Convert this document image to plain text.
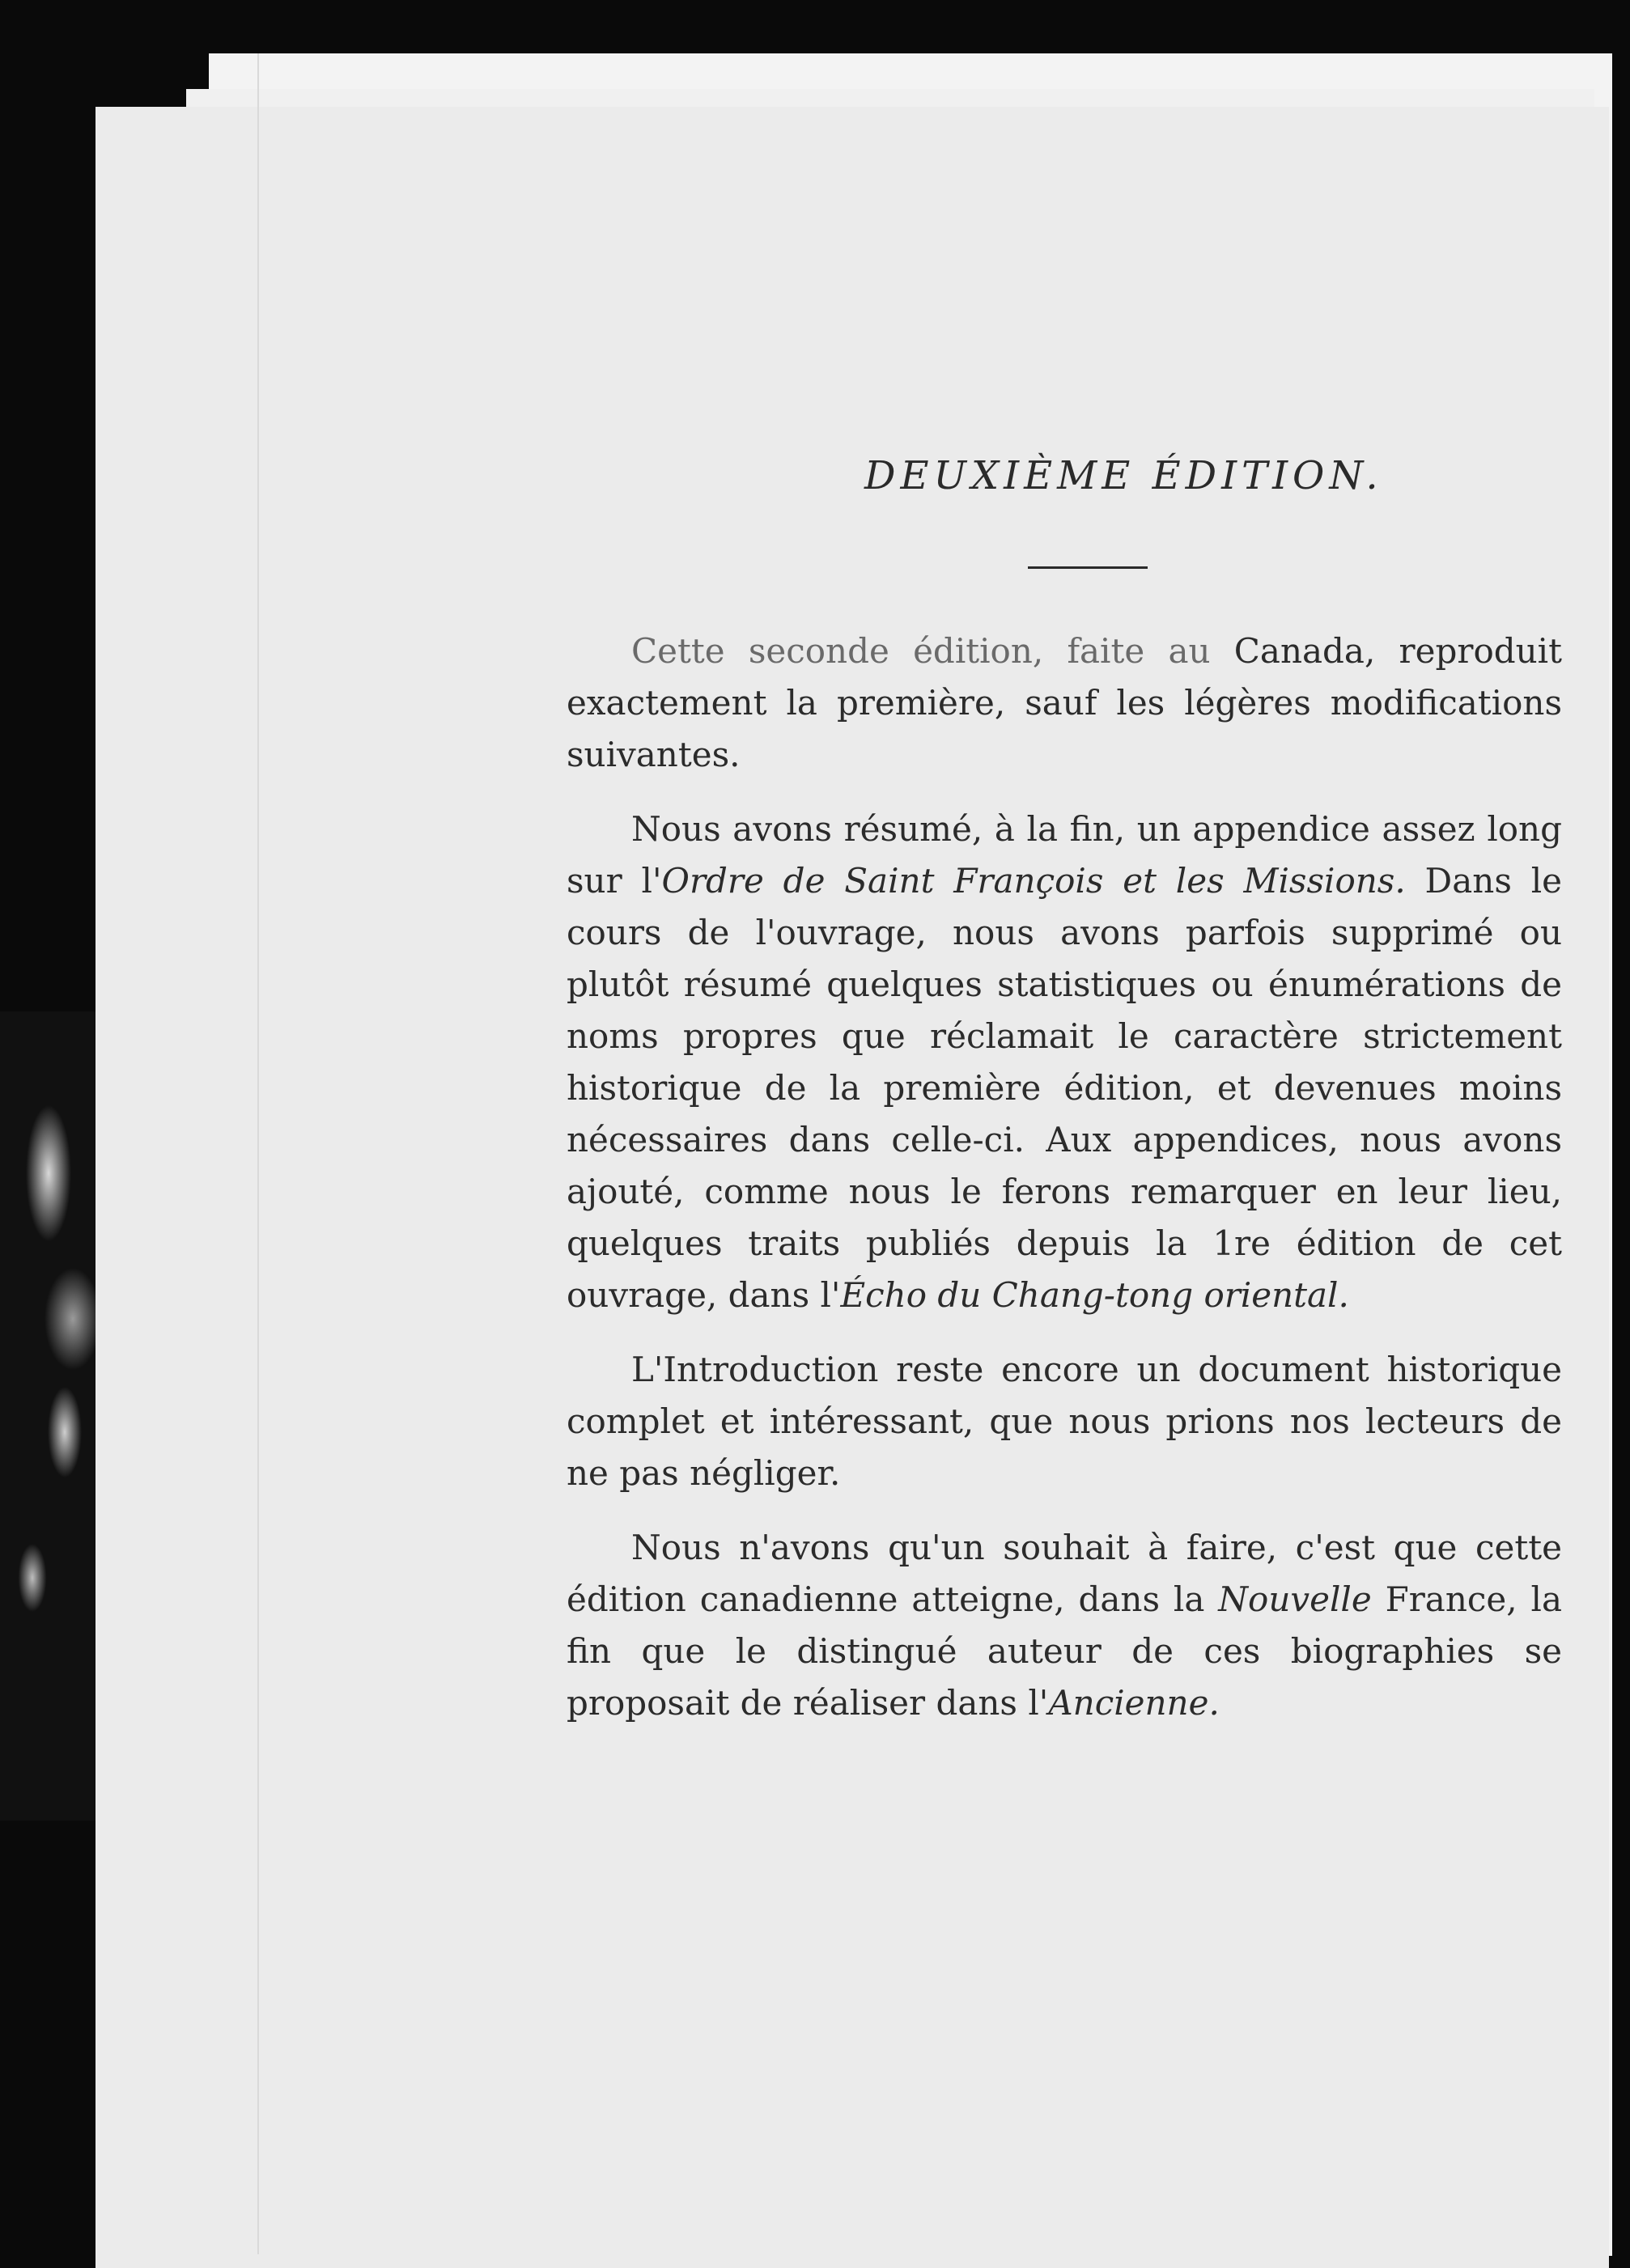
DEUXIÈME ÉDITION.

Cette seconde édition, faite au Canada, reproduit exactement la première, sauf les légères modifications suivantes.

Nous avons résumé, à la fin, un appendice assez long sur l'Ordre de Saint François et les Missions. Dans le cours de l'ouvrage, nous avons parfois supprimé ou plutôt résumé quelques statistiques ou énumérations de noms propres que réclamait le caractère strictement historique de la première édition, et devenues moins nécessaires dans celle-ci. Aux appendices, nous avons ajouté, comme nous le ferons remarquer en leur lieu, quelques traits publiés depuis la 1re édition de cet ouvrage, dans l'Écho du Chang-tong oriental.

L'Introduction reste encore un document historique complet et intéressant, que nous prions nos lecteurs de ne pas négliger.

Nous n'avons qu'un souhait à faire, c'est que cette édition canadienne atteigne, dans la Nouvelle France, la fin que le distingué auteur de ces biographies se proposait de réaliser dans l'Ancienne.
